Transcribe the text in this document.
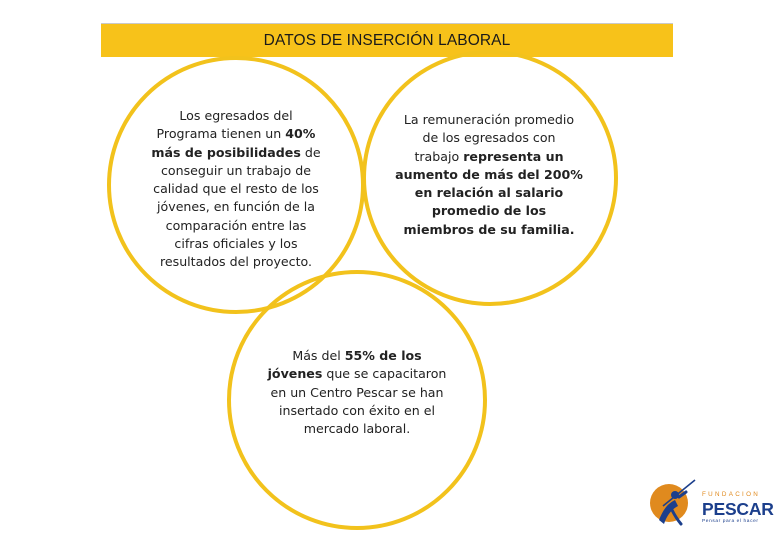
DATOS DE INSERCIÓN LABORAL
Los egresados del
Programa tienen un 40%
más de posibilidades de
conseguir un trabajo de
calidad que el resto de los
jóvenes, en función de la
comparación entre las
cifras oficiales y los
resultados del proyecto.
La remuneración promedio
de los egresados con
trabajo representa un
aumento de más del 200%
en relación al salario
promedio de los
miembros de su familia.
Más del 55% de los
jóvenes que se capacitaron
en un Centro Pescar se han
insertado con éxito en el
mercado laboral.
FUNDACION
PESCAR
Pensar para el hacer
